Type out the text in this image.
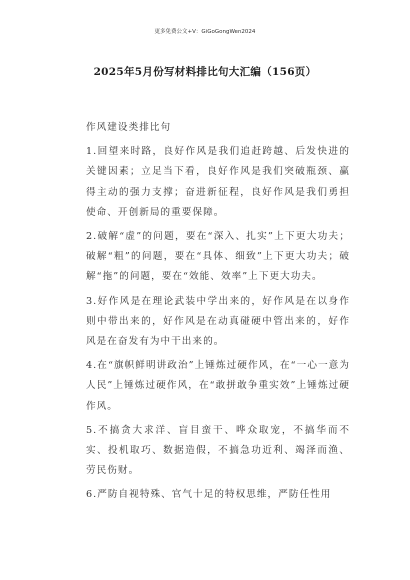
更多免费公文+V：GiGoGongWen2024
2025年5月份写材料排比句大汇编（156页）

作风建设类排比句

1.回望来时路，良好作风是我们追赶跨越、后发快进的关键因素；立足当下看，良好作风是我们突破瓶颈、赢得主动的强力支撑；奋进新征程，良好作风是我们勇担使命、开创新局的重要保障。

2.破解“虚”的问题，要在“深入、扎实”上下更大功夫；破解“粗”的问题，要在“具体、细致”上下更大功夫；破解“拖”的问题，要在“效能、效率”上下更大功夫。

3.好作风是在理论武装中学出来的，好作风是在以身作则中带出来的，好作风是在动真碰硬中管出来的，好作风是在奋发有为中干出来的。

4.在“旗帜鲜明讲政治”上锤炼过硬作风，在“一心一意为人民”上锤炼过硬作风，在“敢拼敢争重实效”上锤炼过硬作风。

5.不搞贪大求洋、盲目蛮干、哗众取宠，不搞华而不实、投机取巧、数据造假，不搞急功近利、竭泽而渔、劳民伤财。

6.严防自视特殊、官气十足的特权思维，严防任性用
